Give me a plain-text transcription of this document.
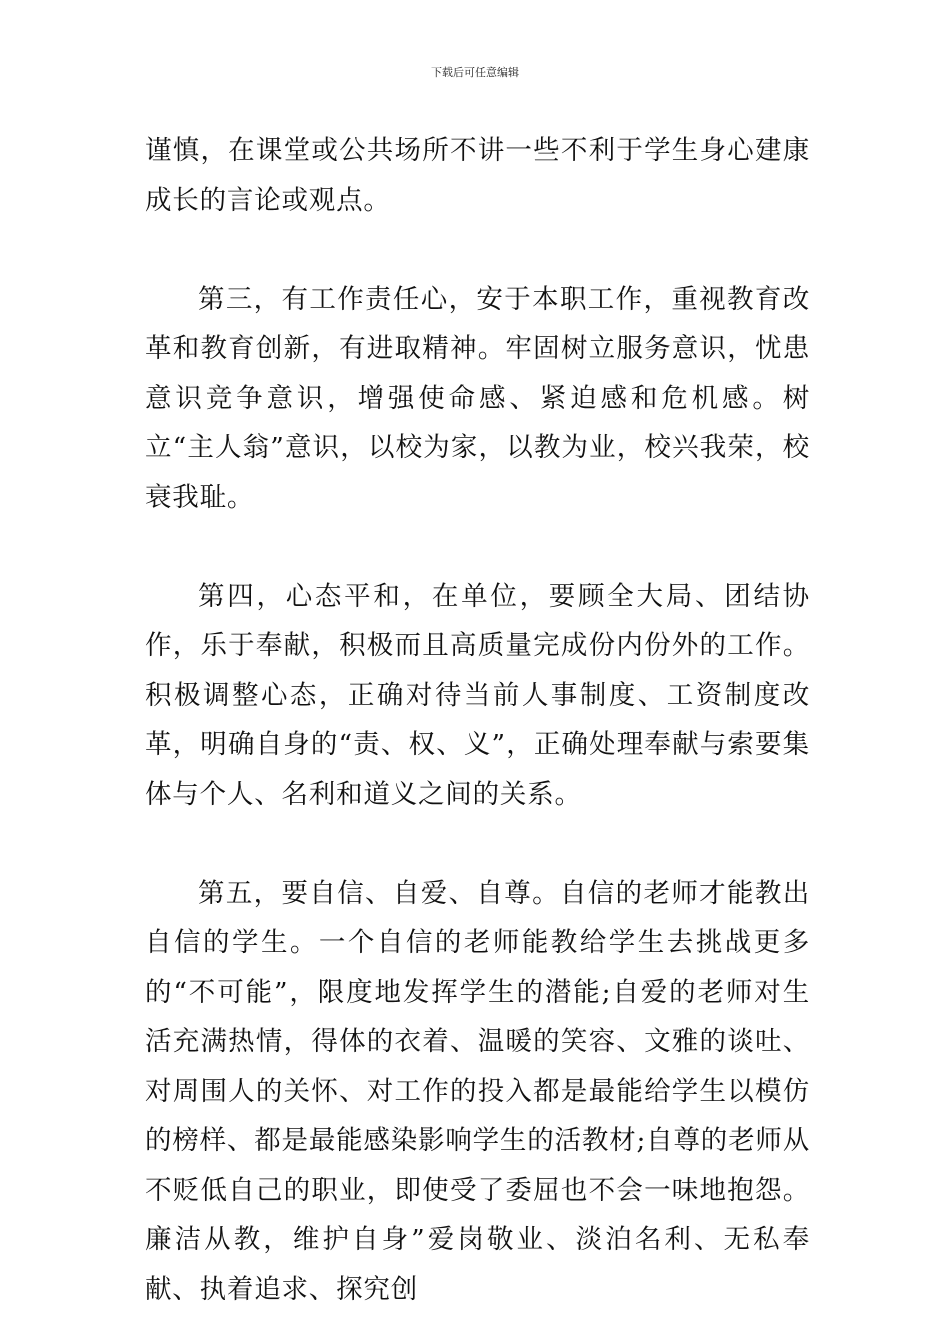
下载后可任意编辑

谨慎，在课堂或公共场所不讲一些不利于学生身心建康成长的言论或观点。

第三，有工作责任心，安于本职工作，重视教育改革和教育创新，有进取精神。牢固树立服务意识，忧患意识竞争意识，增强使命感、紧迫感和危机感。树立“主人翁”意识，以校为家，以教为业，校兴我荣，校衰我耻。

第四，心态平和，在单位，要顾全大局、团结协作，乐于奉献，积极而且高质量完成份内份外的工作。积极调整心态，正确对待当前人事制度、工资制度改革，明确自身的“责、权、义”，正确处理奉献与索要集体与个人、名利和道义之间的关系。

第五，要自信、自爱、自尊。自信的老师才能教出自信的学生。一个自信的老师能教给学生去挑战更多的“不可能”，限度地发挥学生的潜能;自爱的老师对生活充满热情，得体的衣着、温暖的笑容、文雅的谈吐、对周围人的关怀、对工作的投入都是最能给学生以模仿的榜样、都是最能感染影响学生的活教材;自尊的老师从不贬低自己的职业，即使受了委屈也不会一味地抱怨。廉洁从教，维护自身”爱岗敬业、淡泊名利、无私奉献、执着追求、探究创
